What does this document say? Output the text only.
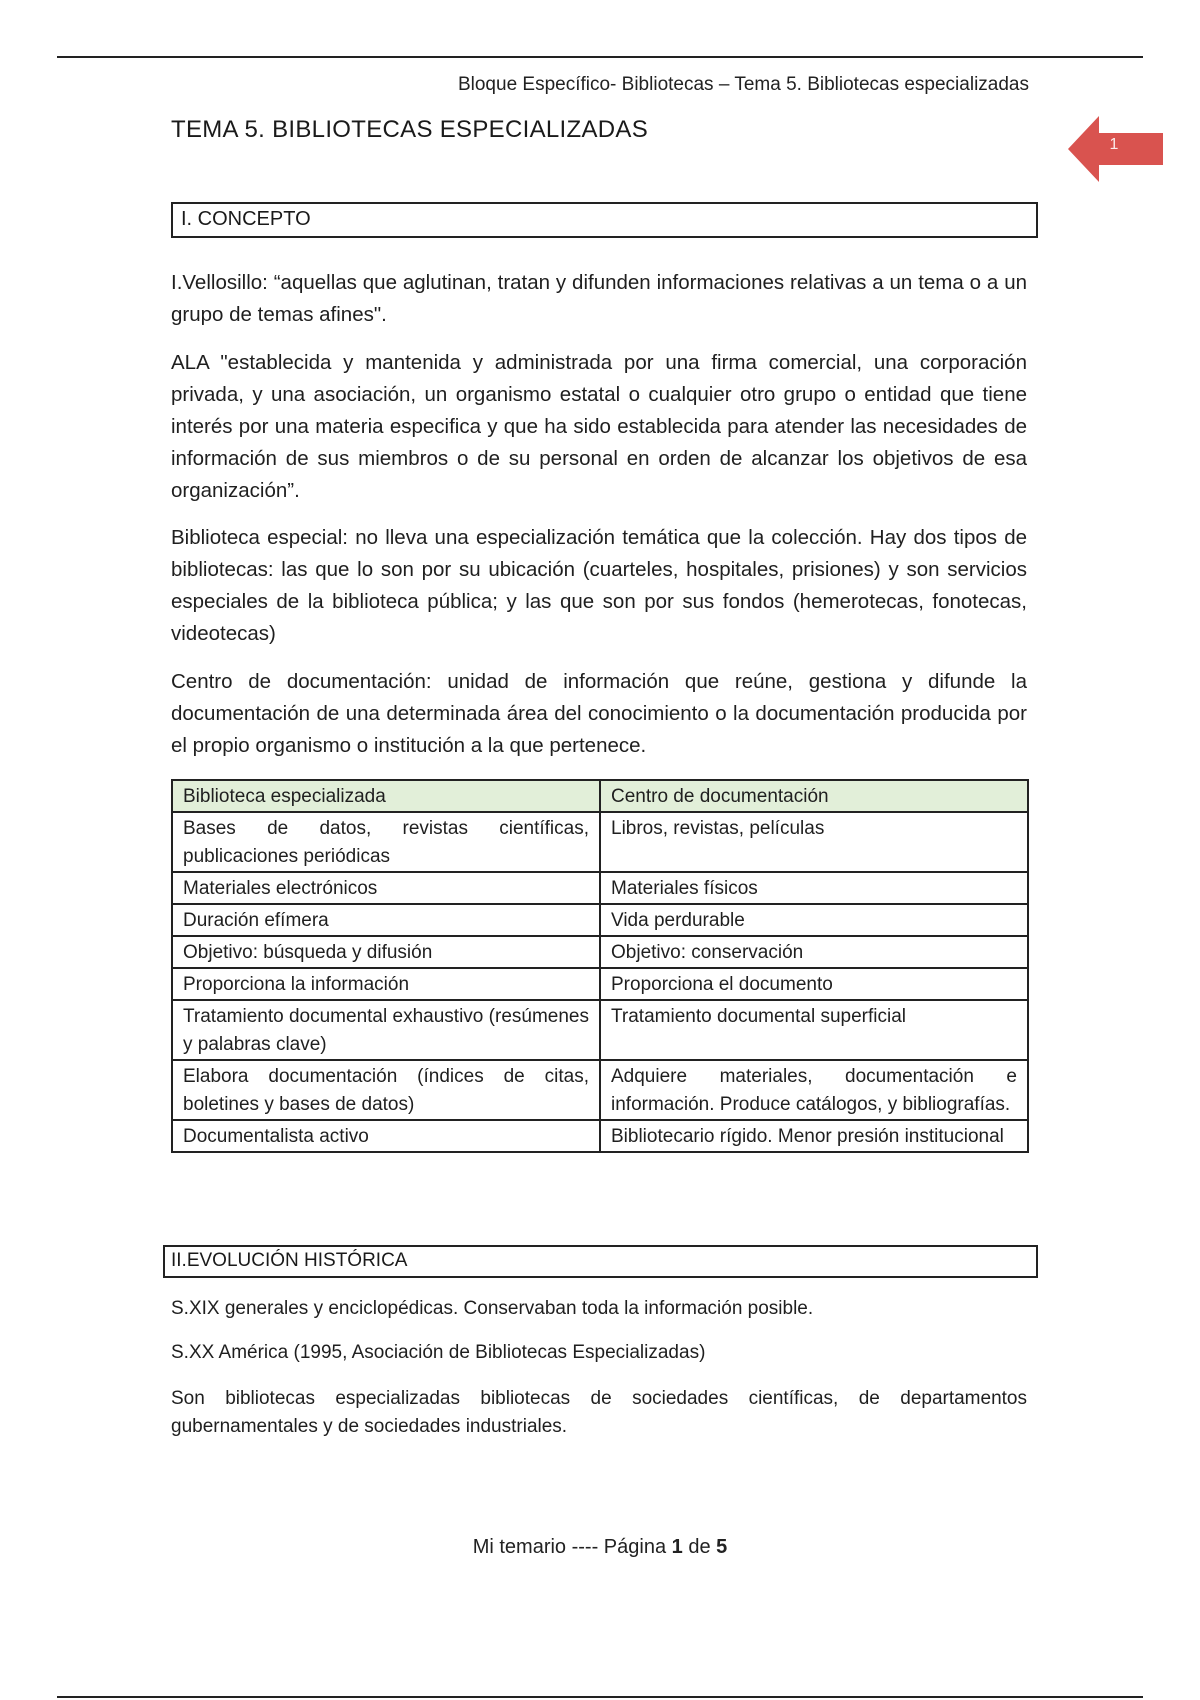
Bloque Específico- Bibliotecas – Tema 5. Bibliotecas especializadas
TEMA 5. BIBLIOTECAS ESPECIALIZADAS
1
I. CONCEPTO

I.Vellosillo: “aquellas que aglutinan, tratan y difunden informaciones relativas a un tema o a un grupo de temas afines".

ALA "establecida y mantenida y administrada por una firma comercial, una corporación privada, y una asociación, un organismo estatal o cualquier otro grupo o entidad que tiene interés por una materia especifica y que ha sido establecida para atender las necesidades de información de sus miembros o de su personal en orden de alcanzar los objetivos de esa organización”.

Biblioteca especial: no lleva una especialización temática que la colección. Hay dos tipos de bibliotecas: las que lo son por su ubicación (cuarteles, hospitales, prisiones) y son servicios especiales de la biblioteca pública; y las que son por sus fondos (hemerotecas, fonotecas, videotecas)

Centro de documentación: unidad de información que reúne, gestiona y difunde la documentación de una determinada área del conocimiento o la documentación producida por el propio organismo o institución a la que pertenece.

Biblioteca especializada	Centro de documentación
Bases de datos, revistas científicas, publicaciones periódicas	Libros, revistas, películas
Materiales electrónicos	Materiales físicos
Duración efímera	Vida perdurable
Objetivo: búsqueda y difusión	Objetivo: conservación
Proporciona la información	Proporciona el documento
Tratamiento documental exhaustivo (resúmenes y palabras clave)	Tratamiento documental superficial
Elabora documentación (índices de citas, boletines y bases de datos)	Adquiere materiales, documentación e información. Produce catálogos, y bibliografías.
Documentalista activo	Bibliotecario rígido. Menor presión institucional
II.EVOLUCIÓN HISTÓRICA

S.XIX generales y enciclopédicas. Conservaban toda la información posible.

S.XX América (1995, Asociación de Bibliotecas Especializadas)

Son bibliotecas especializadas bibliotecas de sociedades científicas, de departamentos gubernamentales y de sociedades industriales.

Mi temario ---- Página 1 de 5
